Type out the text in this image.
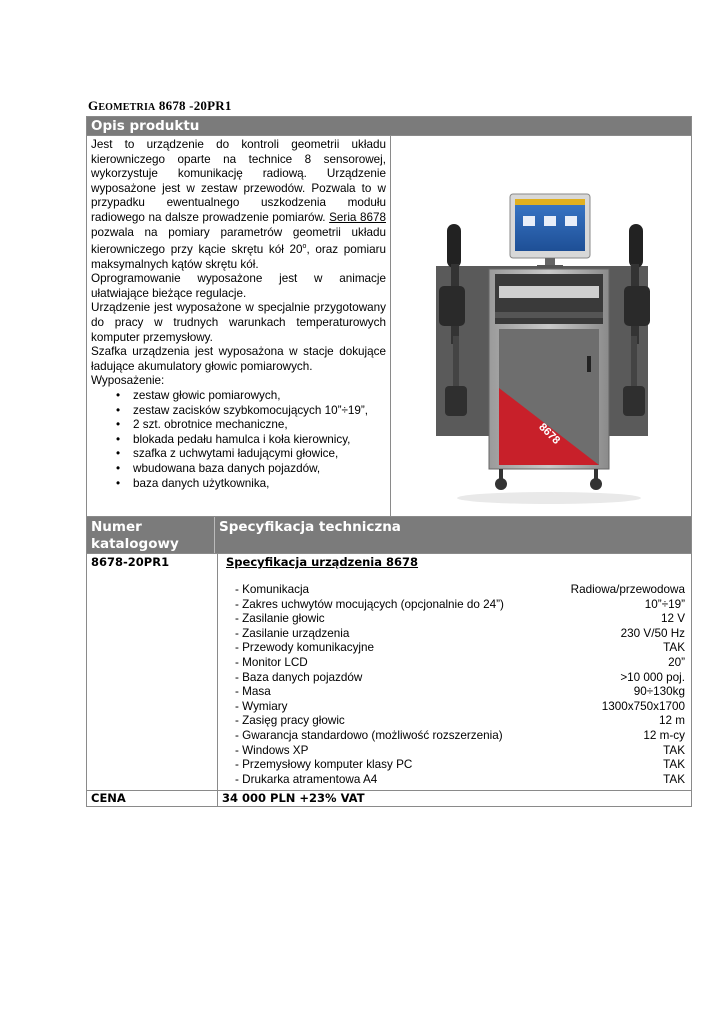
GEOMETRIA 8678 -20PR1
Opis produktu

Jest to urządzenie do kontroli geometrii układu kierowniczego oparte na technice 8 sensorowej, wykorzystuje komunikację radiową. Urządzenie wyposażone jest w zestaw przewodów. Pozwala to w przypadku ewentualnego uszkodzenia modułu radiowego na dalsze prowadzenie pomiarów. Seria 8678 pozwala na pomiary parametrów geometrii układu kierowniczego przy kącie skrętu kół 20$^o$, oraz pomiaru maksymalnych kątów skrętu kół.

Oprogramowanie wyposażone jest w animacje ułatwiające bieżące regulacje.

Urządzenie jest wyposażone w specjalnie przygotowany do pracy w trudnych warunkach temperaturowych komputer przemysłowy.

Szafka urządzenia jest wyposażona w stacje dokujące ładujące akumulatory głowic pomiarowych.

Wyposażenie:

• zestaw głowic pomiarowych,
• zestaw zacisków szybkomocujących 10”÷19”,
• 2 szt. obrotnice mechaniczne,
• blokada pedału hamulca i koła kierownicy,
• szafka z uchwytami ładującymi głowice,
• wbudowana baza danych pojazdów,
• baza danych użytkownika,
8678
Numer katalogowy
Specyfikacja techniczna
8678-20PR1	Specyfikacja urządzenia 8678
- Komunikacja	Radiowa/przewodowa
- Zakres uchwytów mocujących (opcjonalnie do 24”)	10”÷19”
- Zasilanie głowic	12 V
- Zasilanie urządzenia	230 V/50 Hz
- Przewody komunikacyjne	TAK
- Monitor LCD	20”
- Baza danych pojazdów	>10 000 poj.
- Masa	90÷130kg
- Wymiary	1300x750x1700
- Zasięg pracy głowic	12 m
- Gwarancja standardowo (możliwość rozszerzenia)	12 m-cy
- Windows XP	TAK
- Przemysłowy komputer klasy PC	TAK
- Drukarka atramentowa A4	TAK
CENA	34 000 PLN +23% VAT
